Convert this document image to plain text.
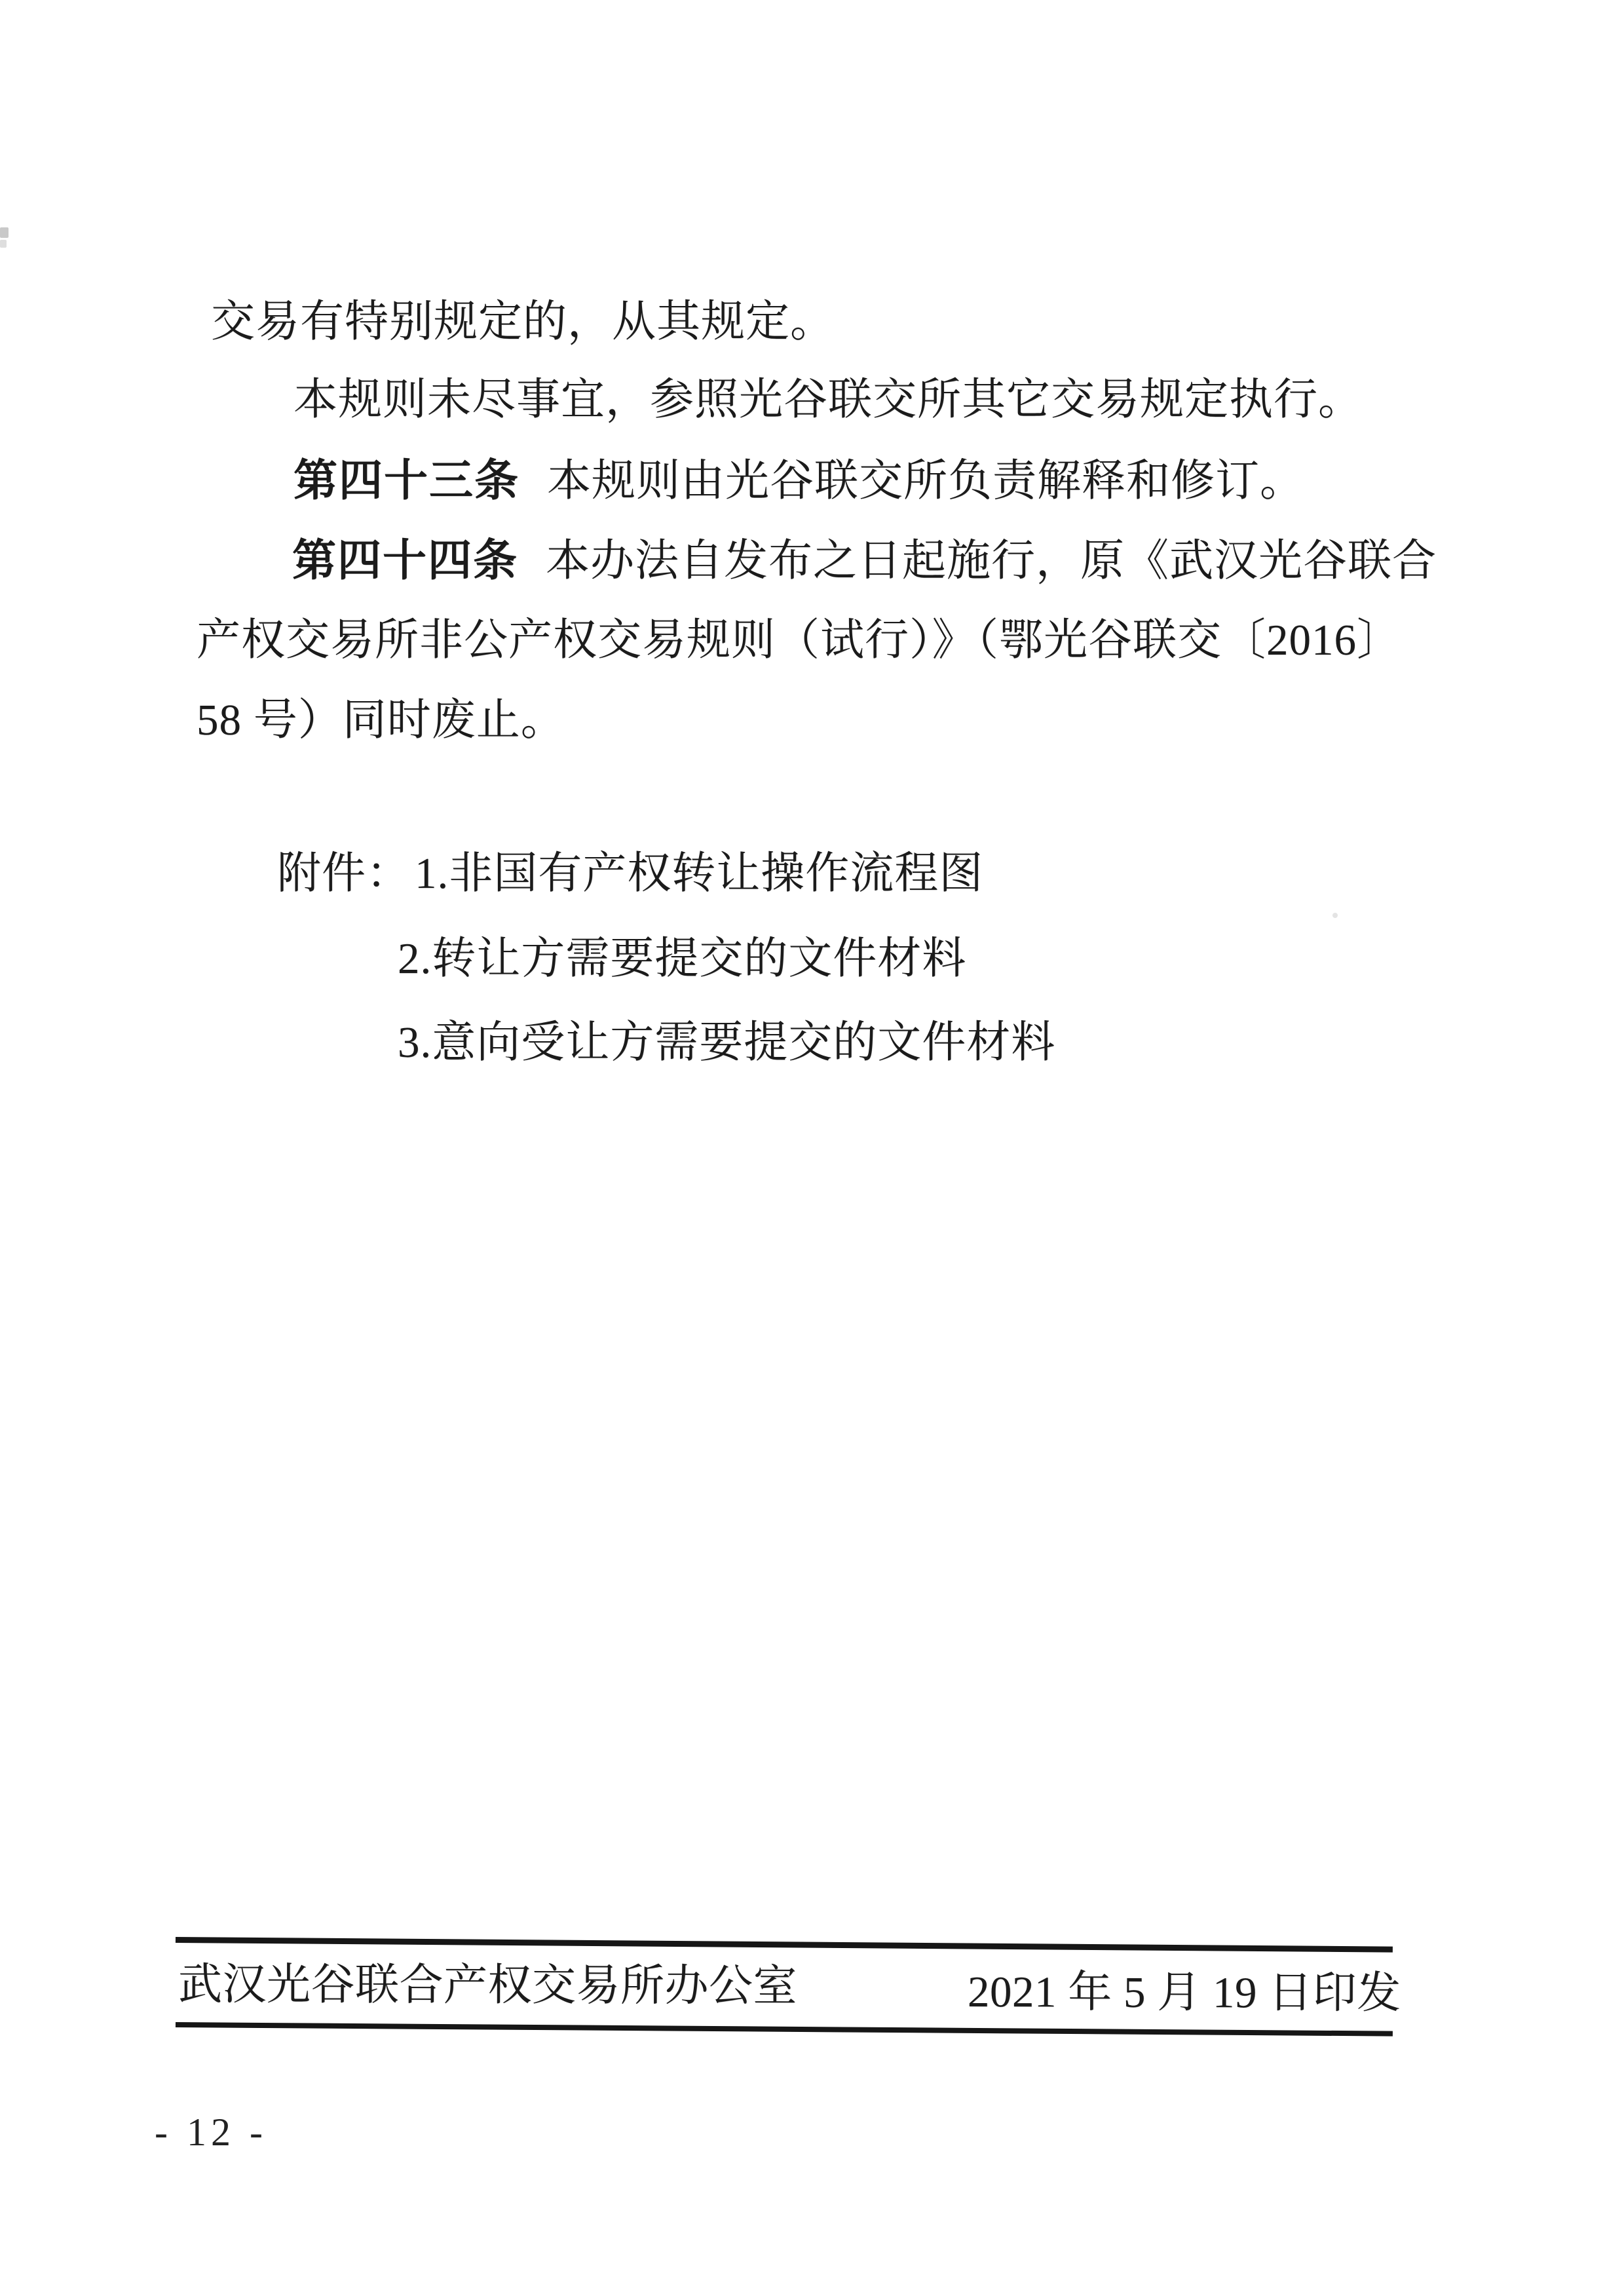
交易有特别规定的，从其规定。

本规则未尽事宜，参照光谷联交所其它交易规定执行。

第四十三条 本规则由光谷联交所负责解释和修订。

第四十四条 本办法自发布之日起施行，原《武汉光谷联合

产权交易所非公产权交易规则（试行）》（鄂光谷联交〔2016〕

58 号）同时废止。

附件：1.非国有产权转让操作流程图

2.转让方需要提交的文件材料

3.意向受让方需要提交的文件材料

武汉光谷联合产权交易所办公室	2021 年 5 月 19 日印发
- 12 -
